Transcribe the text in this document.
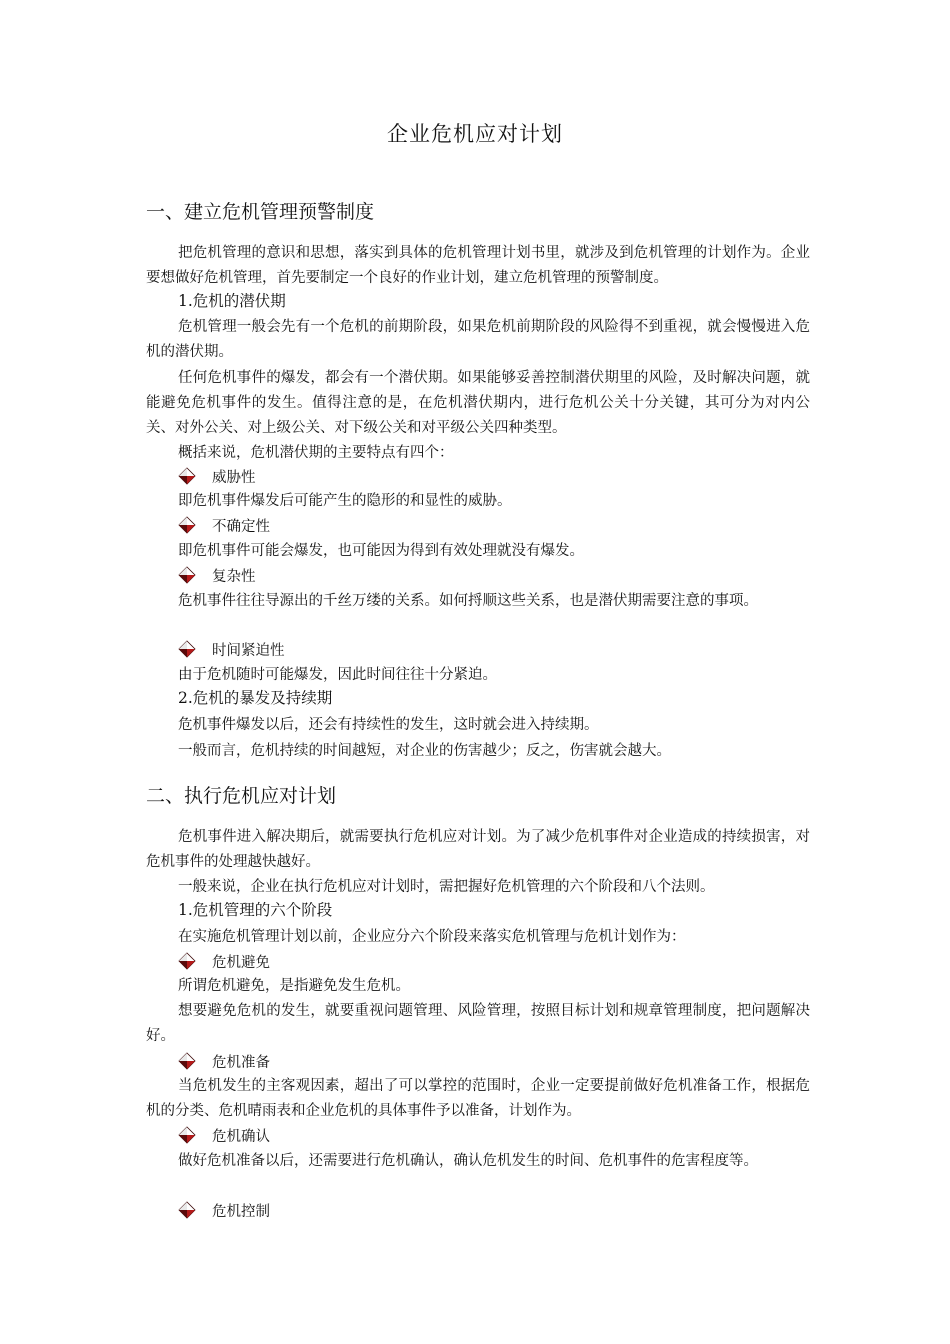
企业危机应对计划
一、建立危机管理预警制度

把危机管理的意识和思想，落实到具体的危机管理计划书里，就涉及到危机管理的计划作为。企业要想做好危机管理，首先要制定一个良好的作业计划，建立危机管理的预警制度。

1.危机的潜伏期

危机管理一般会先有一个危机的前期阶段，如果危机前期阶段的风险得不到重视，就会慢慢进入危机的潜伏期。

任何危机事件的爆发，都会有一个潜伏期。如果能够妥善控制潜伏期里的风险，及时解决问题，就能避免危机事件的发生。值得注意的是，在危机潜伏期内，进行危机公关十分关键，其可分为对内公关、对外公关、对上级公关、对下级公关和对平级公关四种类型。

概括来说，危机潜伏期的主要特点有四个：

威胁性

即危机事件爆发后可能产生的隐形的和显性的威胁。

不确定性

即危机事件可能会爆发，也可能因为得到有效处理就没有爆发。

复杂性

危机事件往往导源出的千丝万缕的关系。如何捋顺这些关系，也是潜伏期需要注意的事项。

时间紧迫性

由于危机随时可能爆发，因此时间往往十分紧迫。

2.危机的暴发及持续期

危机事件爆发以后，还会有持续性的发生，这时就会进入持续期。

一般而言，危机持续的时间越短，对企业的伤害越少；反之，伤害就会越大。

二、执行危机应对计划

危机事件进入解决期后，就需要执行危机应对计划。为了减少危机事件对企业造成的持续损害，对危机事件的处理越快越好。

一般来说，企业在执行危机应对计划时，需把握好危机管理的六个阶段和八个法则。

1.危机管理的六个阶段

在实施危机管理计划以前，企业应分六个阶段来落实危机管理与危机计划作为：

危机避免

所谓危机避免，是指避免发生危机。

想要避免危机的发生，就要重视问题管理、风险管理，按照目标计划和规章管理制度，把问题解决好。

危机准备

当危机发生的主客观因素，超出了可以掌控的范围时，企业一定要提前做好危机准备工作，根据危机的分类、危机晴雨表和企业危机的具体事件予以准备，计划作为。

危机确认

做好危机准备以后，还需要进行危机确认，确认危机发生的时间、危机事件的危害程度等。

危机控制
